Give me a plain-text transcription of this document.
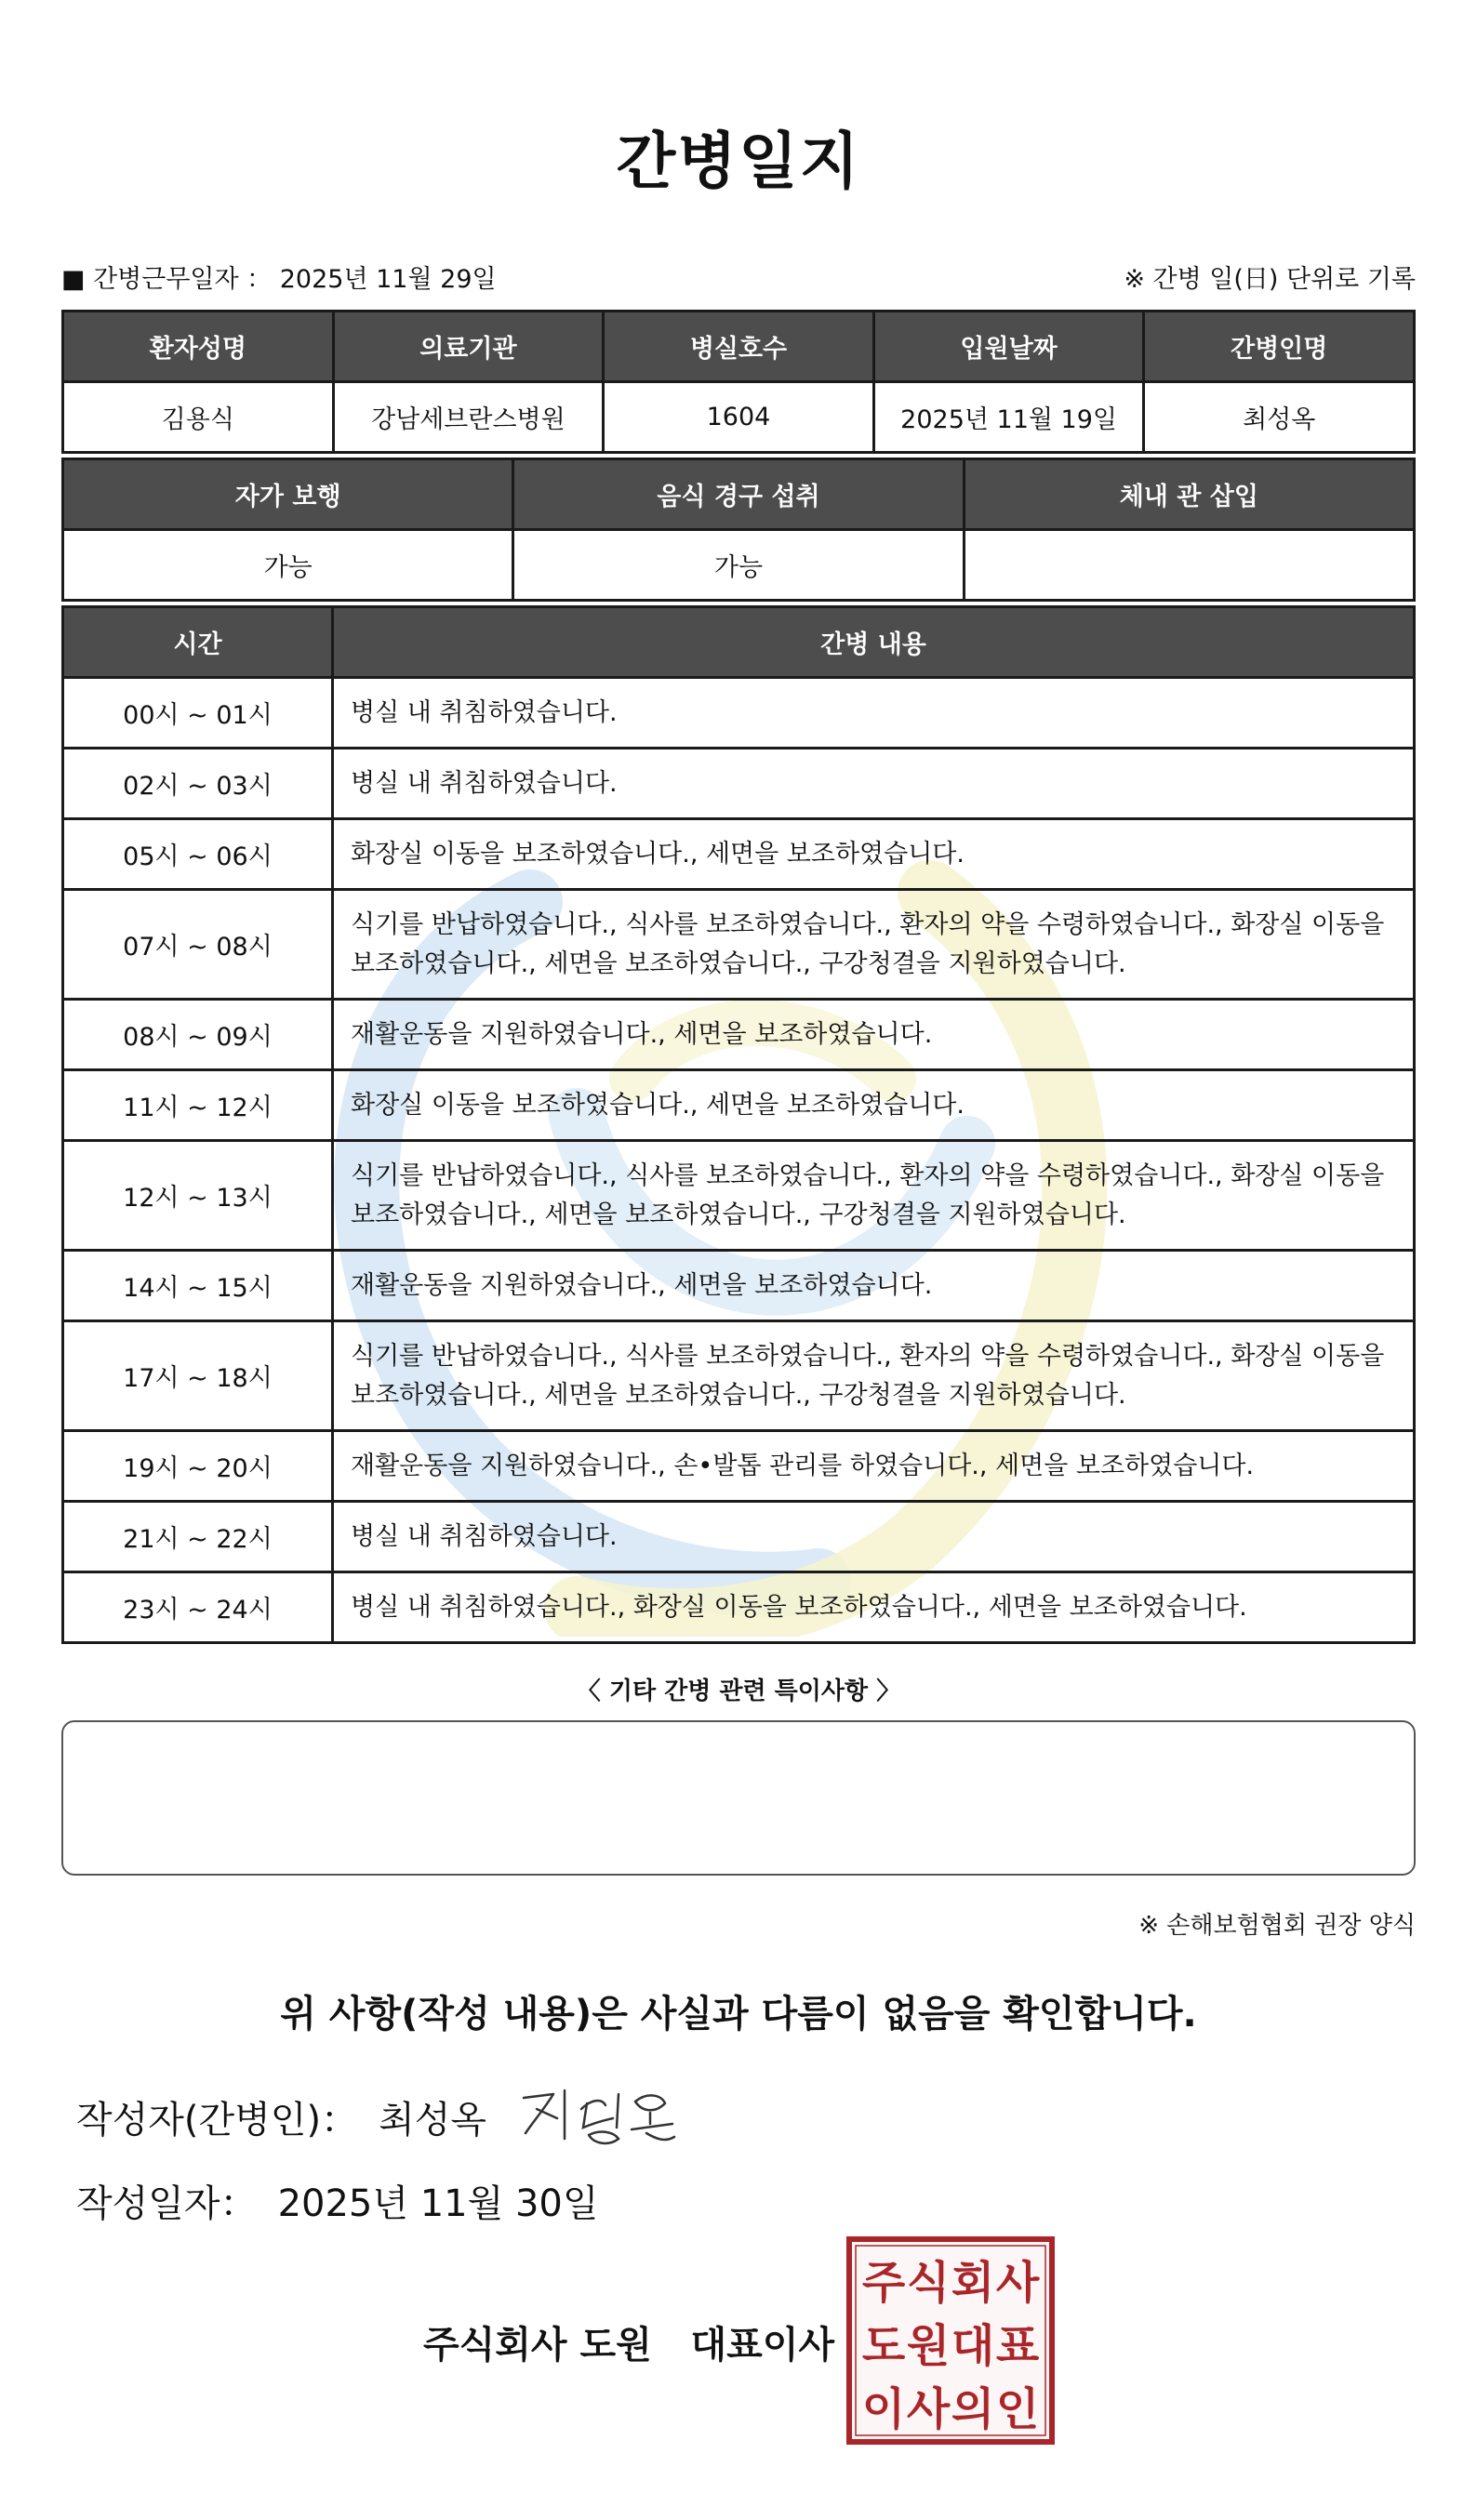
간병일지
■ 간병근무일자 ： 2025년 11월 29일	※ 간병 일(日) 단위로 기록
환자성명	의료기관	병실호수	입원날짜	간병인명
김용식	강남세브란스병원	1604	2025년 11월 19일	최성옥
자가 보행	음식 경구 섭취	체내 관 삽입
가능	가능	
시간	간병 내용
00시 ~ 01시	병실 내 취침하였습니다.
02시 ~ 03시	병실 내 취침하였습니다.
05시 ~ 06시	화장실 이동을 보조하였습니다., 세면을 보조하였습니다.
07시 ~ 08시	식기를 반납하였습니다., 식사를 보조하였습니다., 환자의 약을 수령하였습니다., 화장실 이동을 보조하였습니다., 세면을 보조하였습니다., 구강청결을 지원하였습니다.
08시 ~ 09시	재활운동을 지원하였습니다., 세면을 보조하였습니다.
11시 ~ 12시	화장실 이동을 보조하였습니다., 세면을 보조하였습니다.
12시 ~ 13시	식기를 반납하였습니다., 식사를 보조하였습니다., 환자의 약을 수령하였습니다., 화장실 이동을 보조하였습니다., 세면을 보조하였습니다., 구강청결을 지원하였습니다.
14시 ~ 15시	재활운동을 지원하였습니다., 세면을 보조하였습니다.
17시 ~ 18시	식기를 반납하였습니다., 식사를 보조하였습니다., 환자의 약을 수령하였습니다., 화장실 이동을 보조하였습니다., 세면을 보조하였습니다., 구강청결을 지원하였습니다.
19시 ~ 20시	재활운동을 지원하였습니다., 손•발톱 관리를 하였습니다., 세면을 보조하였습니다.
21시 ~ 22시	병실 내 취침하였습니다.
23시 ~ 24시	병실 내 취침하였습니다., 화장실 이동을 보조하였습니다., 세면을 보조하였습니다.
〈 기타 간병 관련 특이사항 〉
※ 손해보험협회 권장 양식
위 사항(작성 내용)은 사실과 다름이 없음을 확인합니다.
작성자(간병인)： 최성옥
작성일자： 2025년 11월 30일
주식회사 도원   대표이사
주 식 회 사
도 원 대 표
이 사 의 인
